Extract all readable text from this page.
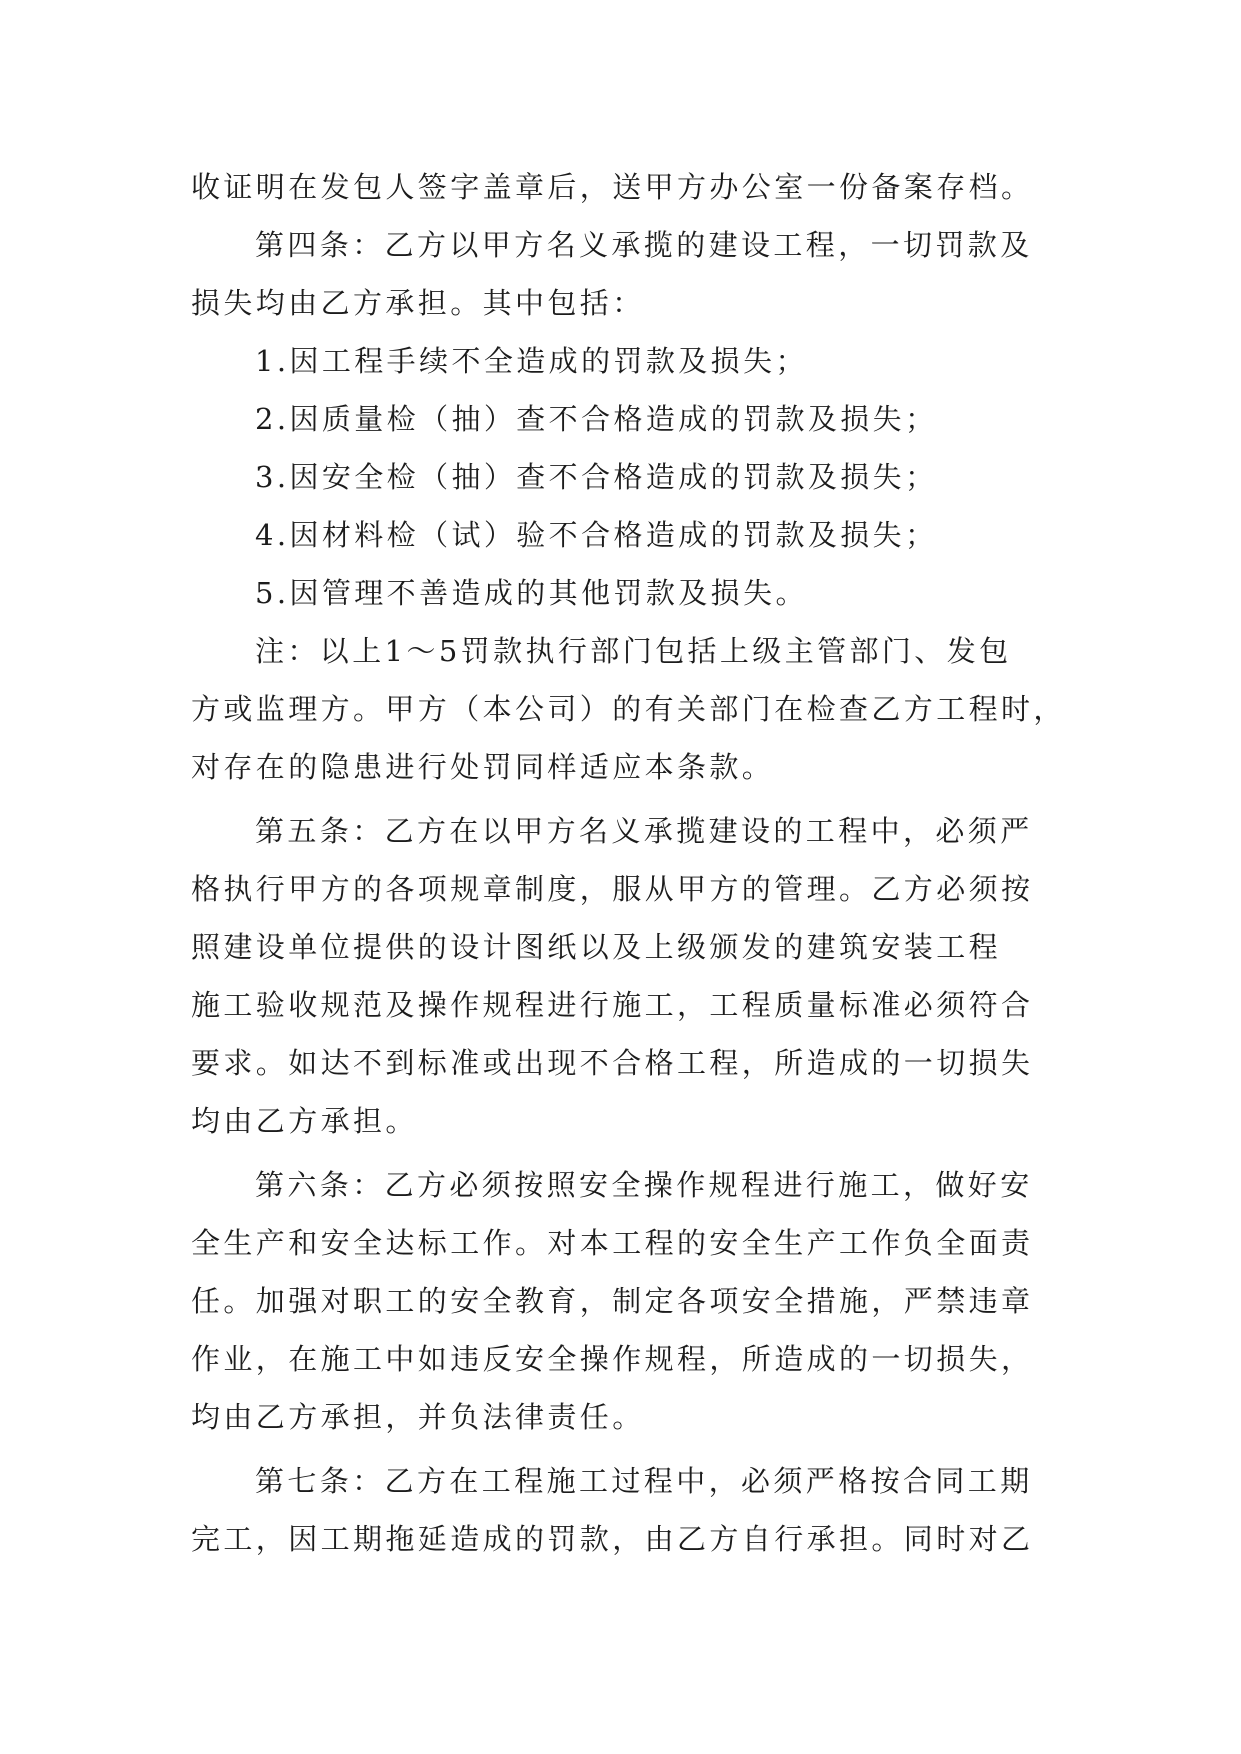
收证明在发包人签字盖章后，送甲方办公室一份备案存档。
第四条：乙方以甲方名义承揽的建设工程，一切罚款及
损失均由乙方承担。其中包括：
1.因工程手续不全造成的罚款及损失；
2.因质量检（抽）查不合格造成的罚款及损失；
3.因安全检（抽）查不合格造成的罚款及损失；
4.因材料检（试）验不合格造成的罚款及损失；
5.因管理不善造成的其他罚款及损失。
注：以上1～5罚款执行部门包括上级主管部门、发包
方或监理方。甲方（本公司）的有关部门在检查乙方工程时，
对存在的隐患进行处罚同样适应本条款。
第五条：乙方在以甲方名义承揽建设的工程中，必须严
格执行甲方的各项规章制度，服从甲方的管理。乙方必须按
照建设单位提供的设计图纸以及上级颁发的建筑安装工程
施工验收规范及操作规程进行施工，工程质量标准必须符合
要求。如达不到标准或出现不合格工程，所造成的一切损失
均由乙方承担。
第六条：乙方必须按照安全操作规程进行施工，做好安
全生产和安全达标工作。对本工程的安全生产工作负全面责
任。加强对职工的安全教育，制定各项安全措施，严禁违章
作业，在施工中如违反安全操作规程，所造成的一切损失，
均由乙方承担，并负法律责任。
第七条：乙方在工程施工过程中，必须严格按合同工期
完工，因工期拖延造成的罚款，由乙方自行承担。同时对乙
